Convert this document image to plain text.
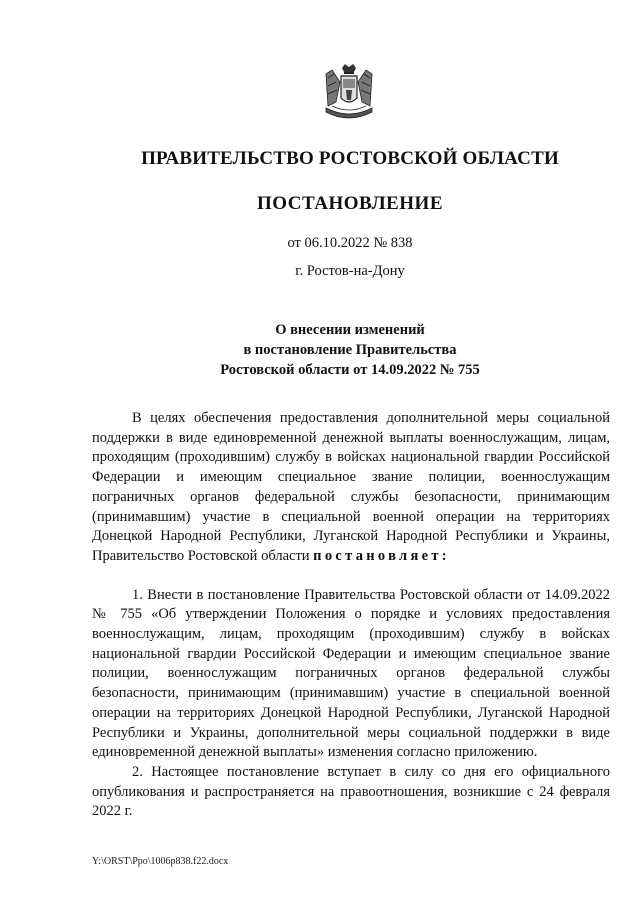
ПРАВИТЕЛЬСТВО РОСТОВСКОЙ ОБЛАСТИ
ПОСТАНОВЛЕНИЕ
от 06.10.2022 № 838
г. Ростов-на-Дону
О внесении изменений
в постановление Правительства
Ростовской области от 14.09.2022 № 755

В целях обеспечения предоставления дополнительной меры социальной поддержки в виде единовременной денежной выплаты военнослужащим, лицам, проходящим (проходившим) службу в войсках национальной гвардии Российской Федерации и имеющим специальное звание полиции, военнослужащим пограничных органов федеральной службы безопасности, принимающим (принимавшим) участие в специальной военной операции на территориях Донецкой Народной Республики, Луганской Народной Республики и Украины, Правительство Ростовской области постановляет:

1. Внести в постановление Правительства Ростовской области от 14.09.2022 № 755 «Об утверждении Положения о порядке и условиях предоставления военнослужащим, лицам, проходящим (проходившим) службу в войсках национальной гвардии Российской Федерации и имеющим специальное звание полиции, военнослужащим пограничных органов федеральной службы безопасности, принимающим (принимавшим) участие в специальной военной операции на территориях Донецкой Народной Республики, Луганской Народной Республики и Украины, дополнительной меры социальной поддержки в виде единовременной денежной выплаты» изменения согласно приложению.

2. Настоящее постановление вступает в силу со дня его официального опубликования и распространяется на правоотношения, возникшие с 24 февраля 2022 г.

Y:\ORST\Ppo\1006p838.f22.docx
